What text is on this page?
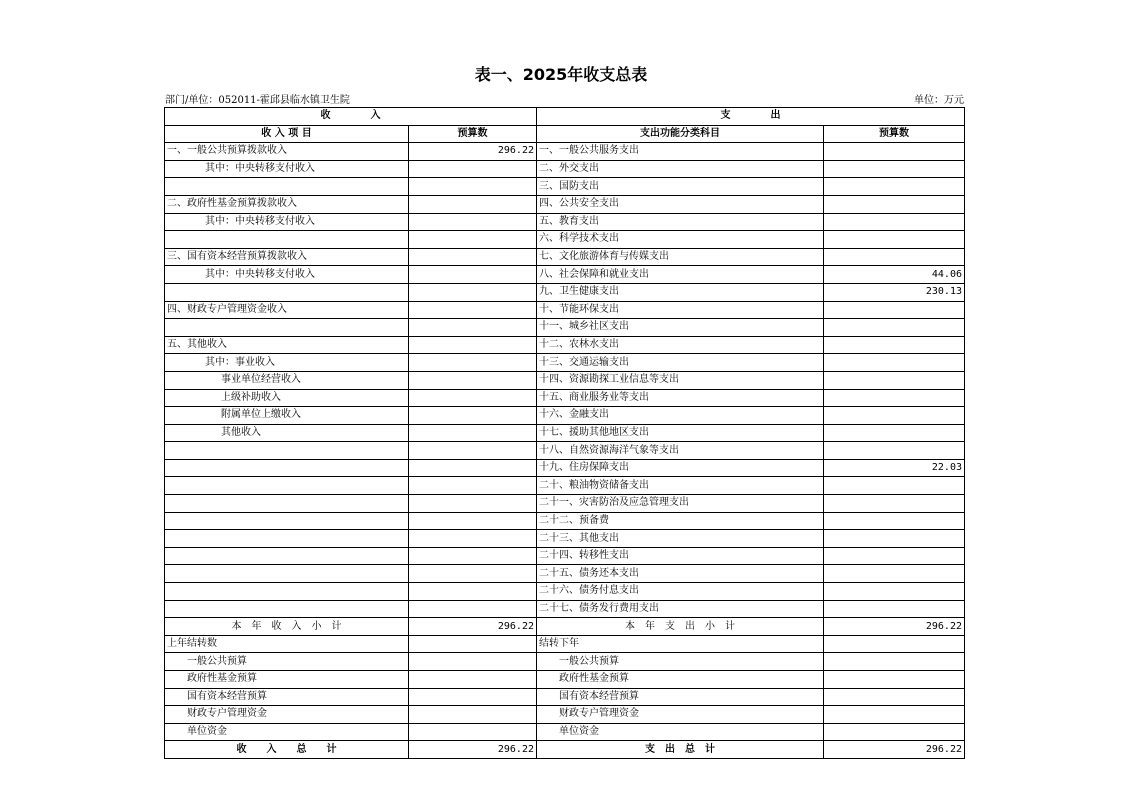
表一、2025年收支总表
部门/单位：052011-霍邱县临水镇卫生院	单位：万元
收　　　　入		支　　　　出	
收 入 项 目	预算数	支出功能分类科目	预算数
一、一般公共预算拨款收入	296.22	一、一般公共服务支出	
其中：中央转移支付收入		二、外交支出	
		三、国防支出	
二、政府性基金预算拨款收入		四、公共安全支出	
其中：中央转移支付收入		五、教育支出	
		六、科学技术支出	
三、国有资本经营预算拨款收入		七、文化旅游体育与传媒支出	
其中：中央转移支付收入		八、社会保障和就业支出	44.06
		九、卫生健康支出	230.13
四、财政专户管理资金收入		十、节能环保支出	
		十一、城乡社区支出	
五、其他收入		十二、农林水支出	
其中：事业收入		十三、交通运输支出	
事业单位经营收入		十四、资源勘探工业信息等支出	
上级补助收入		十五、商业服务业等支出	
附属单位上缴收入		十六、金融支出	
其他收入		十七、援助其他地区支出	
		十八、自然资源海洋气象等支出	
		十九、住房保障支出	22.03
		二十、粮油物资储备支出	
		二十一、灾害防治及应急管理支出	
		二十二、预备费	
		二十三、其他支出	
		二十四、转移性支出	
		二十五、债务还本支出	
		二十六、债务付息支出	
		二十七、债务发行费用支出	
本　年　收　入　小　计	296.22	本　年　支　出　小　计	296.22
上年结转数		结转下年	
一般公共预算		一般公共预算	
政府性基金预算		政府性基金预算	
国有资本经营预算		国有资本经营预算	
财政专户管理资金		财政专户管理资金	
单位资金		单位资金	
收　　入　　总　　计	296.22	支　出　总　计	296.22
